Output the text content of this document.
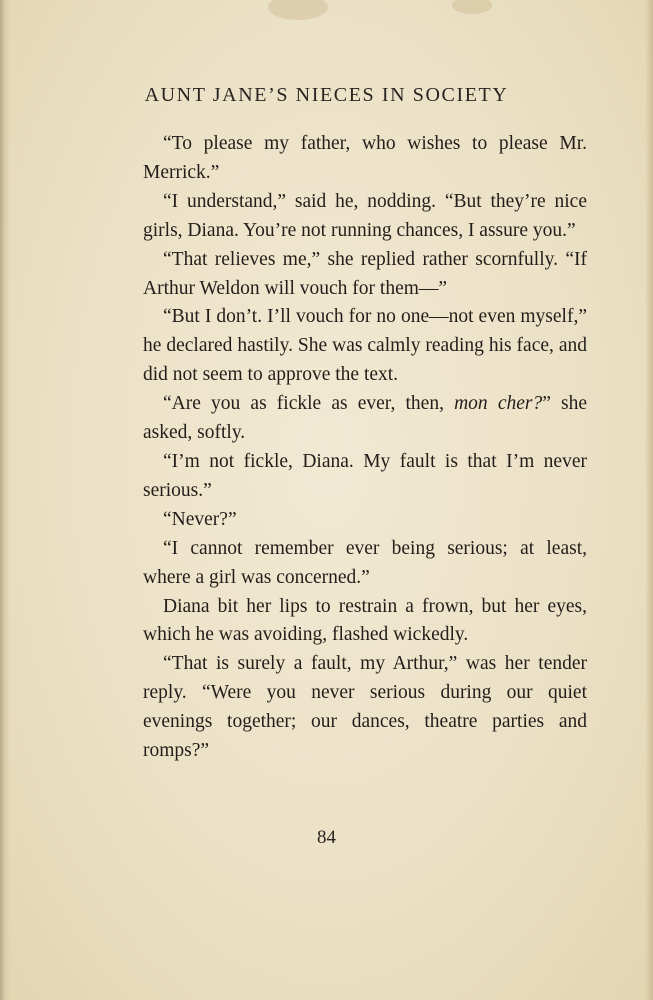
AUNT JANE’S NIECES IN SOCIETY

“To please my father, who wishes to please Mr. Merrick.”

“I understand,” said he, nodding. “But they’re nice girls, Diana. You’re not running chances, I assure you.”

“That relieves me,” she replied rather scornfully. “If Arthur Weldon will vouch for them—”

“But I don’t. I’ll vouch for no one—not even myself,” he declared hastily. She was calmly reading his face, and did not seem to approve the text.

“Are you as fickle as ever, then, mon cher?” she asked, softly.

“I’m not fickle, Diana. My fault is that I’m never serious.”

“Never?”

“I cannot remember ever being serious; at least, where a girl was concerned.”

Diana bit her lips to restrain a frown, but her eyes, which he was avoiding, flashed wickedly.

“That is surely a fault, my Arthur,” was her tender reply. “Were you never serious during our quiet evenings together; our dances, theatre parties and romps?”

84
